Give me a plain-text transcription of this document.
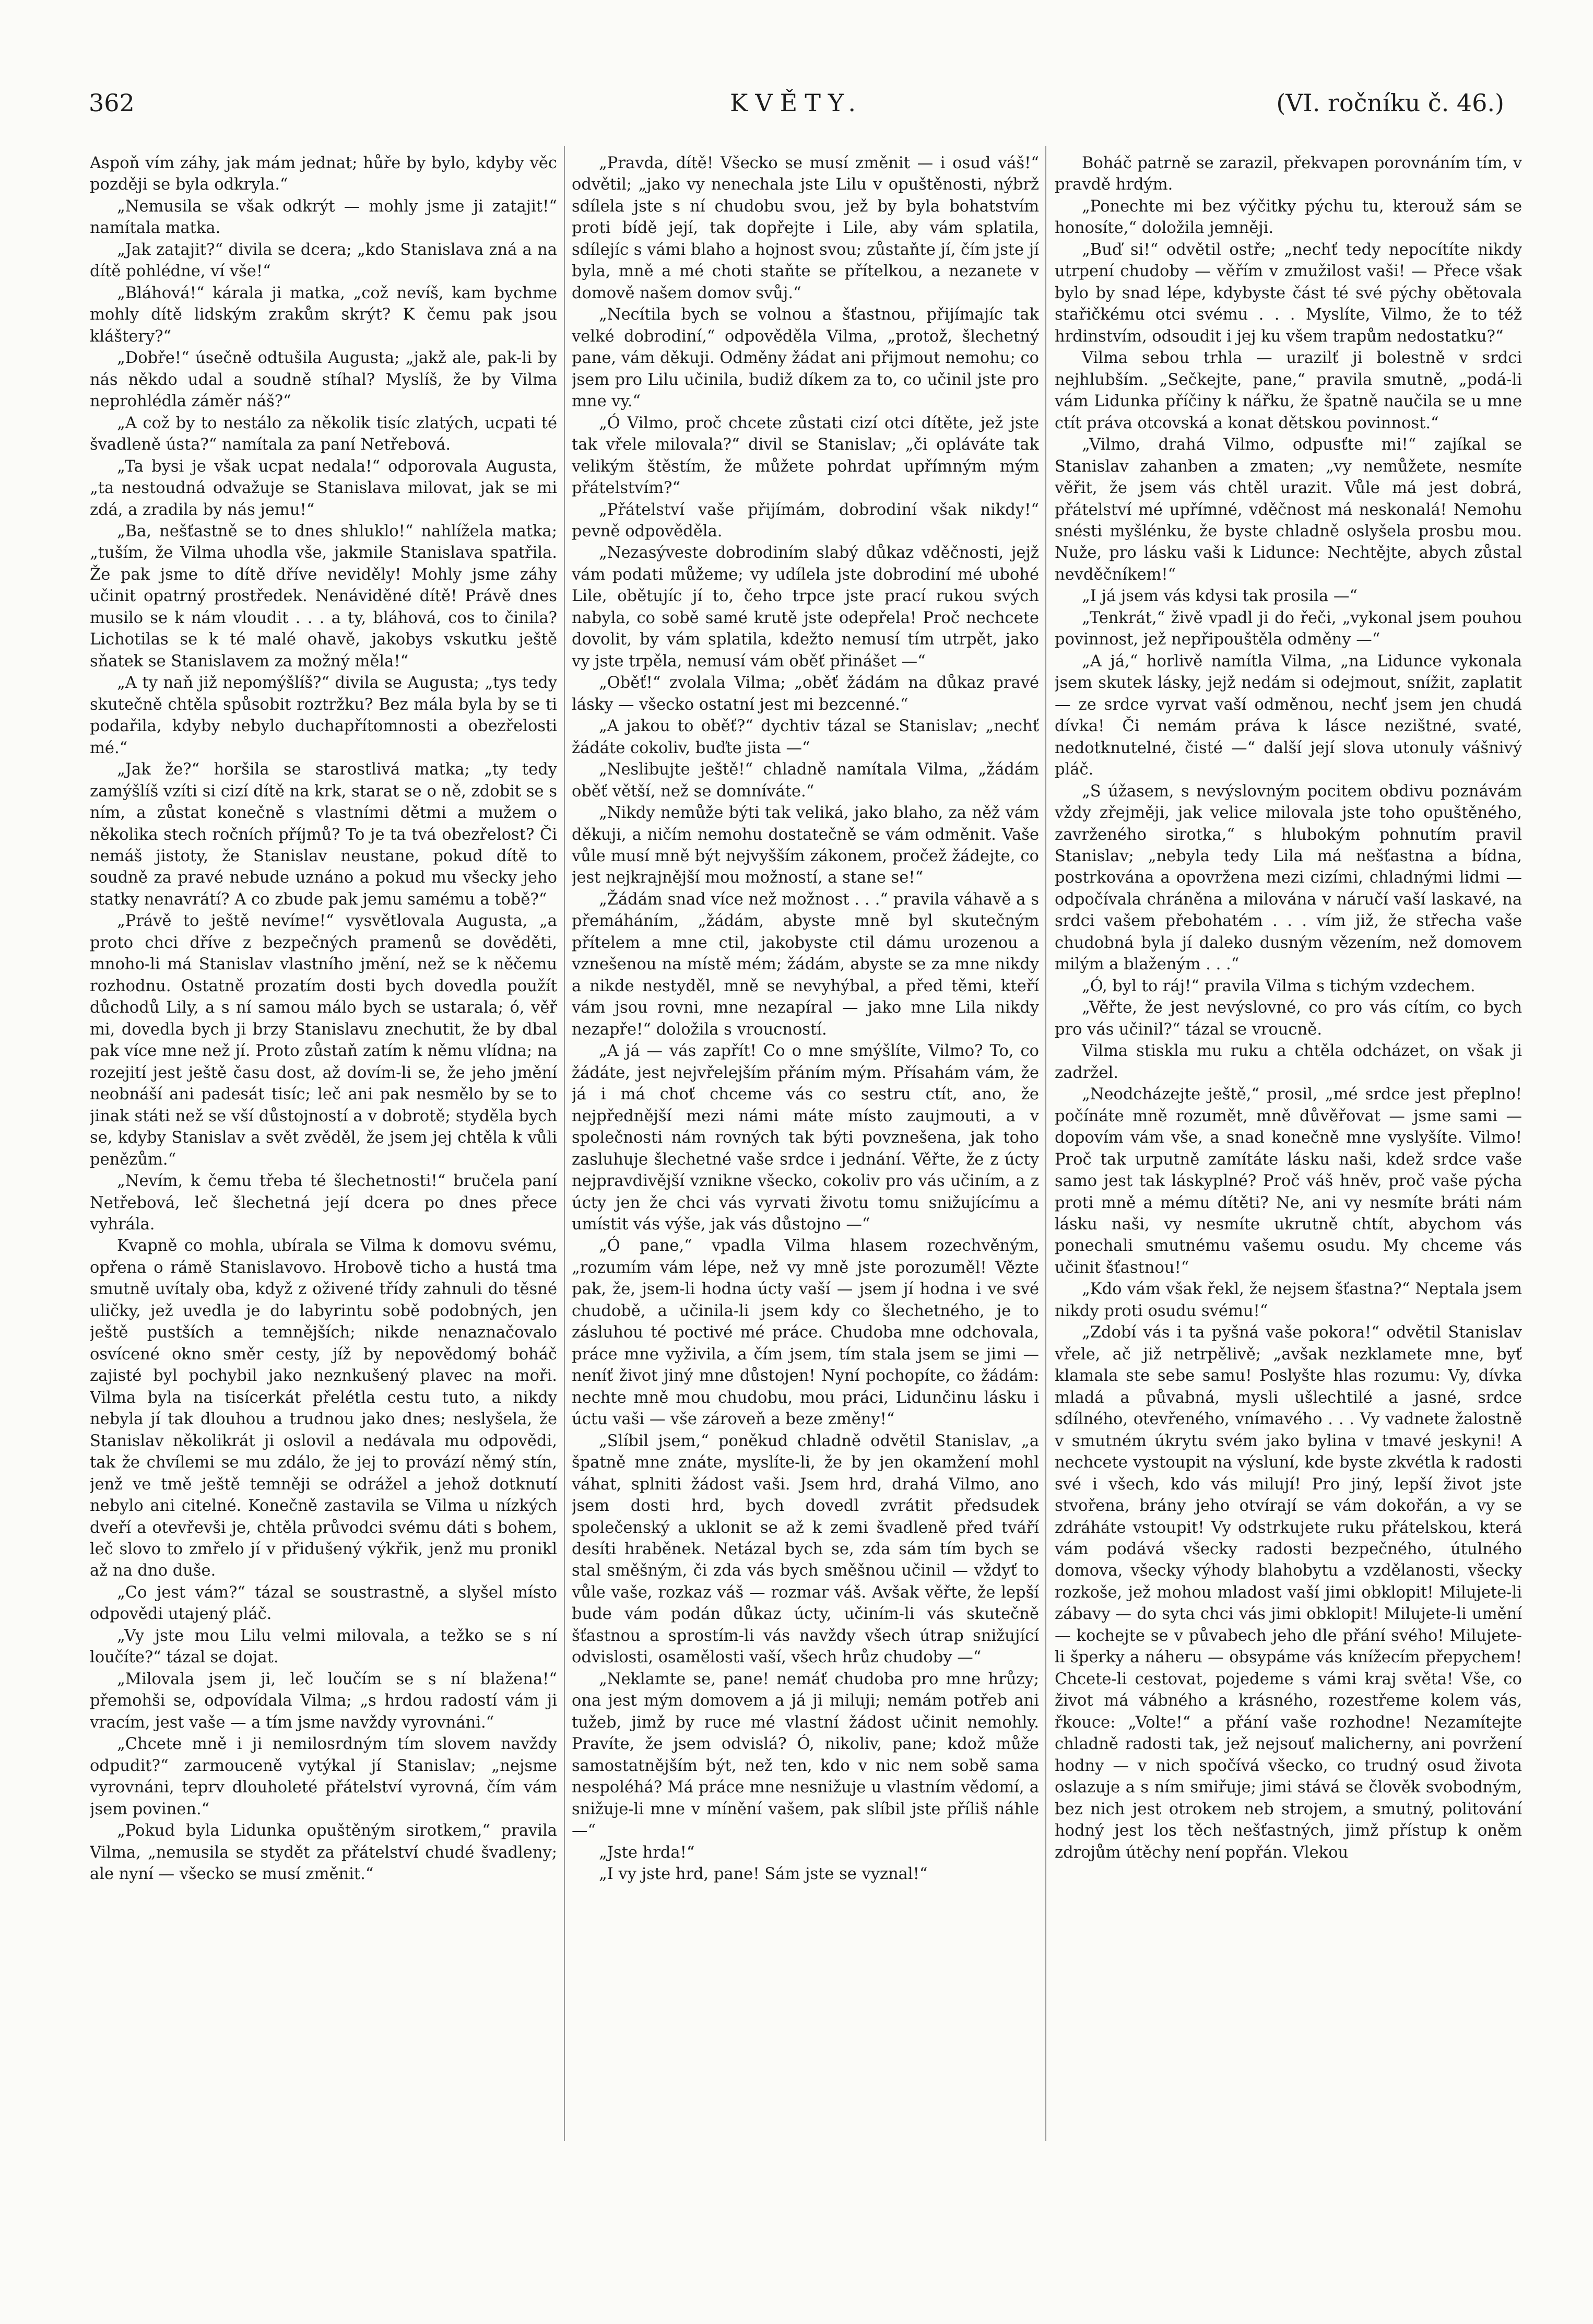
362	KVĚTY.	(VI. ročníku č. 46.)

Aspoň vím záhy, jak mám jednat; hůře by bylo, kdyby věc později se byla odkryla.“

„Nemusila se však odkrýt — mohly jsme ji zatajit!“ namítala matka.

„Jak zatajit?“ divila se dcera; „kdo Stanislava zná a na dítě pohlédne, ví vše!“

„Bláhová!“ kárala ji matka, „což nevíš, kam bychme mohly dítě lidským zrakům skrýt? K čemu pak jsou kláštery?“

„Dobře!“ úsečně odtušila Augusta; „jakž ale, pak-li by nás někdo udal a soudně stíhal? Myslíš, že by Vilma neprohlédla záměr náš?“

„A což by to nestálo za několik tisíc zlatých, ucpati té švadleně ústa?“ namítala za paní Netřebová.

„Ta bysi je však ucpat nedala!“ odporovala Augusta, „ta nestoudná odvažuje se Stanislava milovat, jak se mi zdá, a zradila by nás jemu!“

„Ba, nešťastně se to dnes shluklo!“ nahlížela matka; „tuším, že Vilma uhodla vše, jakmile Stanislava spatřila. Že pak jsme to dítě dříve neviděly! Mohly jsme záhy učinit opatrný prostředek. Nenáviděné dítě! Právě dnes musilo se k nám vloudit . . . a ty, bláhová, cos to činila? Lichotilas se k té malé ohavě, jakobys vskutku ještě sňatek se Stanislavem za možný měla!“

„A ty naň již nepomýšlíš?“ divila se Augusta; „tys tedy skutečně chtěla spůsobit roztržku? Bez mála byla by se ti podařila, kdyby nebylo duchapřítomnosti a obezřelosti mé.“

„Jak že?“ horšila se starostlivá matka; „ty tedy zamýšlíš vzíti si cizí dítě na krk, starat se o ně, zdobit se s ním, a zůstat konečně s vlastními dětmi a mužem o několika stech ročních příjmů? To je ta tvá obezřelost? Či nemáš jistoty, že Stanislav neustane, pokud dítě to soudně za pravé nebude uznáno a pokud mu všecky jeho statky nenavrátí? A co zbude pak jemu samému a tobě?“

„Právě to ještě nevíme!“ vysvětlovala Augusta, „a proto chci dříve z bezpečných pramenů se dověděti, mnoho-li má Stanislav vlastního jmění, než se k něčemu rozhodnu. Ostatně prozatím dosti bych dovedla použít důchodů Lily, a s ní samou málo bych se ustarala; ó, věř mi, dovedla bych ji brzy Stanislavu znechutit, že by dbal pak více mne než jí. Proto zůstaň zatím k němu vlídna; na rozejití jest ještě času dost, až dovím-li se, že jeho jmění neobnáší ani padesát tisíc; leč ani pak nesmělo by se to jinak státi než se vší důstojností a v dobrotě; styděla bych se, kdyby Stanislav a svět zvěděl, že jsem jej chtěla k vůli penězům.“

„Nevím, k čemu třeba té šlechetnosti!“ bručela paní Netřebová, leč šlechetná její dcera po dnes přece vyhrála.

Kvapně co mohla, ubírala se Vilma k domovu svému, opřena o rámě Stanislavovo. Hrobově ticho a hustá tma smutně uvítaly oba, když z oživené třídy zahnuli do těsné uličky, jež uvedla je do labyrintu sobě podobných, jen ještě pustších a temnějších; nikde nenaznačovalo osvícené okno směr cesty, jíž by nepovědomý boháč zajisté byl pochybil jako neznkušený plavec na moři. Vilma byla na tisícerkát přelétla cestu tuto, a nikdy nebyla jí tak dlouhou a trudnou jako dnes; neslyšela, že Stanislav několikrát ji oslovil a nedávala mu odpovědi, tak že chvílemi se mu zdálo, že jej to provází němý stín, jenž ve tmě ještě temněji se odrážel a jehož dotknutí nebylo ani citelné. Konečně zastavila se Vilma u nízkých dveří a otevřevši je, chtěla průvodci svému dáti s bohem, leč slovo to zmřelo jí v přidušený výkřik, jenž mu pronikl až na dno duše.

„Co jest vám?“ tázal se soustrastně, a slyšel místo odpovědi utajený pláč.

„Vy jste mou Lilu velmi milovala, a težko se s ní loučíte?“ tázal se dojat.

„Milovala jsem ji, leč loučím se s ní blažena!“ přemohši se, odpovídala Vilma; „s hrdou radostí vám ji vracím, jest vaše — a tím jsme navždy vyrovnáni.“

„Chcete mně i ji nemilosrdným tím slovem navždy odpudit?“ zarmouceně vytýkal jí Stanislav; „nejsme vyrovnáni, teprv dlouholeté přátelství vyrovná, čím vám jsem povinen.“

„Pokud byla Lidunka opuštěným sirotkem,“ pravila Vilma, „nemusila se stydět za přátelství chudé švadleny; ale nyní — všecko se musí změnit.“

„Pravda, dítě! Všecko se musí změnit — i osud váš!“ odvětil; „jako vy nenechala jste Lilu v opuštěnosti, nýbrž sdílela jste s ní chudobu svou, jež by byla bohatstvím proti bídě její, tak dopřejte i Lile, aby vám splatila, sdílejíc s vámi blaho a hojnost svou; zůstaňte jí, čím jste jí byla, mně a mé choti staňte se přítelkou, a nezanete v domově našem domov svůj.“

„Necítila bych se volnou a šťastnou, přijímajíc tak velké dobrodiní,“ odpověděla Vilma, „protož, šlechetný pane, vám děkuji. Odměny žádat ani přijmout nemohu; co jsem pro Lilu učinila, budiž díkem za to, co učinil jste pro mne vy.“

„Ó Vilmo, proč chcete zůstati cizí otci dítěte, jež jste tak vřele milovala?“ divil se Stanislav; „či opláváte tak velikým štěstím, že můžete pohrdat upřímným mým přátelstvím?“

„Přátelství vaše přijímám, dobrodiní však nikdy!“ pevně odpověděla.

„Nezasýveste dobrodiním slabý důkaz vděčnosti, jejž vám podati můžeme; vy udílela jste dobrodiní mé ubohé Lile, obětujíc jí to, čeho trpce jste prací rukou svých nabyla, co sobě samé krutě jste odepřela! Proč nechcete dovolit, by vám splatila, kdežto nemusí tím utrpět, jako vy jste trpěla, nemusí vám oběť přinášet —“

„Oběť!“ zvolala Vilma; „oběť žádám na důkaz pravé lásky — všecko ostatní jest mi bezcenné.“

„A jakou to oběť?“ dychtiv tázal se Stanislav; „nechť žádáte cokoliv, buďte jista —“

„Neslibujte ještě!“ chladně namítala Vilma, „žádám oběť větší, než se domníváte.“

„Nikdy nemůže býti tak veliká, jako blaho, za něž vám děkuji, a ničím nemohu dostatečně se vám odměnit. Vaše vůle musí mně být nejvyšším zákonem, pročež žádejte, co jest nejkrajnější mou možností, a stane se!“

„Žádám snad více než možnost . . .“ pravila váhavě a s přemáháním, „žádám, abyste mně byl skutečným přítelem a mne ctil, jakobyste ctil dámu urozenou a vznešenou na místě mém; žádám, abyste se za mne nikdy a nikde nestyděl, mně se nevyhýbal, a před těmi, kteří vám jsou rovni, mne nezapíral — jako mne Lila nikdy nezapře!“ doložila s vroucností.

„A já — vás zapřít! Co o mne smýšlíte, Vilmo? To, co žádáte, jest nejvřelejším přáním mým. Přísahám vám, že já i má choť chceme vás co sestru ctít, ano, že nejpřednější mezi námi máte místo zaujmouti, a v společnosti nám rovných tak býti povznešena, jak toho zasluhuje šlechetné vaše srdce i jednání. Věřte, že z úcty nejpravdivější vznikne všecko, cokoliv pro vás učiním, a z úcty jen že chci vás vyrvati životu tomu snižujícímu a umístit vás výše, jak vás důstojno —“

„Ó pane,“ vpadla Vilma hlasem rozechvěným, „rozumím vám lépe, než vy mně jste porozuměl! Vězte pak, že, jsem-li hodna úcty vaší — jsem jí hodna i ve své chudobě, a učinila-li jsem kdy co šlechetného, je to zásluhou té poctivé mé práce. Chudoba mne odchovala, práce mne vyživila, a čím jsem, tím stala jsem se jimi — neníť život jiný mne důstojen! Nyní pochopíte, co žádám: nechte mně mou chudobu, mou práci, Lidunčinu lásku i úctu vaši — vše zároveň a beze změny!“

„Slíbil jsem,“ poněkud chladně odvětil Stanislav, „a špatně mne znáte, myslíte-li, že by jen okamžení mohl váhat, splniti žádost vaši. Jsem hrd, drahá Vilmo, ano jsem dosti hrd, bych dovedl zvrátit předsudek společenský a uklonit se až k zemi švadleně před tváří desíti hraběnek. Netázal bych se, zda sám tím bych se stal směšným, či zda vás bych směšnou učinil — vždyť to vůle vaše, rozkaz váš — rozmar váš. Avšak věřte, že lepší bude vám podán důkaz úcty, učiním-li vás skutečně šťastnou a sprostím-li vás navždy všech útrap snižující odvislosti, osamělosti vaší, všech hrůz chudoby —“

„Neklamte se, pane! nemáť chudoba pro mne hrůzy; ona jest mým domovem a já ji miluji; nemám potřeb ani tužeb, jimž by ruce mé vlastní žádost učinit nemohly. Pravíte, že jsem odvislá? Ó, nikoliv, pane; kdož může samostatnějším být, než ten, kdo v nic nem sobě sama nespoléhá? Má práce mne nesnižuje u vlastním vědomí, a snižuje-li mne v mínění vašem, pak slíbil jste příliš náhle —“

„Jste hrda!“

„I vy jste hrd, pane! Sám jste se vyznal!“

Boháč patrně se zarazil, překvapen porovnáním tím, v pravdě hrdým.

„Ponechte mi bez výčitky pýchu tu, kterouž sám se honosíte,“ doložila jemněji.

„Buď si!“ odvětil ostře; „nechť tedy nepocítíte nikdy utrpení chudoby — věřím v zmužilost vaši! — Přece však bylo by snad lépe, kdybyste část té své pýchy obětovala stařičkému otci svému . . . Myslíte, Vilmo, že to též hrdinstvím, odsoudit i jej ku všem trapům nedostatku?“

Vilma sebou trhla — urazilť ji bolestně v srdci nejhlubším. „Sečkejte, pane,“ pravila smutně, „podá-li vám Lidunka příčiny k nářku, že špatně naučila se u mne ctít práva otcovská a konat dětskou povinnost.“

„Vilmo, drahá Vilmo, odpusťte mi!“ zajíkal se Stanislav zahanben a zmaten; „vy nemůžete, nesmíte věřit, že jsem vás chtěl urazit. Vůle má jest dobrá, přátelství mé upřímné, vděčnost má neskonalá! Nemohu snésti myšlénku, že byste chladně oslyšela prosbu mou. Nuže, pro lásku vaši k Lidunce: Nechtějte, abych zůstal nevděčníkem!“

„I já jsem vás kdysi tak prosila —“

„Tenkrát,“ živě vpadl ji do řeči, „vykonal jsem pouhou povinnost, jež nepřipouštěla odměny —“

„A já,“ horlivě namítla Vilma, „na Lidunce vykonala jsem skutek lásky, jejž nedám si odejmout, snížit, zaplatit — ze srdce vyrvat vaší odměnou, nechť jsem jen chudá dívka! Či nemám práva k lásce nezištné, svaté, nedotknutelné, čisté —“ další její slova utonuly vášnivý pláč.

„S úžasem, s nevýslovným pocitem obdivu poznávám vždy zřejměji, jak velice milovala jste toho opuštěného, zavrženého sirotka,“ s hlubokým pohnutím pravil Stanislav; „nebyla tedy Lila má nešťastna a bídna, postrkována a opovržena mezi cizími, chladnými lidmi — odpočívala chráněna a milována v náručí vaší laskavé, na srdci vašem přebohatém . . . vím již, že střecha vaše chudobná byla jí daleko dusným vězením, než domovem milým a blaženým . . .“

„Ó, byl to ráj!“ pravila Vilma s tichým vzdechem.

„Věřte, že jest nevýslovné, co pro vás cítím, co bych pro vás učinil?“ tázal se vroucně.

Vilma stiskla mu ruku a chtěla odcházet, on však ji zadržel.

„Neodcházejte ještě,“ prosil, „mé srdce jest přeplno! počínáte mně rozumět, mně důvěřovat — jsme sami — dopovím vám vše, a snad konečně mne vyslyšíte. Vilmo! Proč tak urputně zamítáte lásku naši, kdež srdce vaše samo jest tak láskyplné? Proč váš hněv, proč vaše pýcha proti mně a mému dítěti? Ne, ani vy nesmíte bráti nám lásku naši, vy nesmíte ukrutně chtít, abychom vás ponechali smutnému vašemu osudu. My chceme vás učinit šťastnou!“

„Kdo vám však řekl, že nejsem šťastna?“ Neptala jsem nikdy proti osudu svému!“

„Zdobí vás i ta pyšná vaše pokora!“ odvětil Stanislav vřele, ač již netrpělivě; „avšak nezklamete mne, byť klamala ste sebe samu! Poslyšte hlas rozumu: Vy, dívka mladá a půvabná, mysli ušlechtilé a jasné, srdce sdílného, otevřeného, vnímavého . . . Vy vadnete žalostně v smutném úkrytu svém jako bylina v tmavé jeskyni! A nechcete vystoupit na výsluní, kde byste zkvétla k radosti své i všech, kdo vás milují! Pro jiný, lepší život jste stvořena, brány jeho otvírají se vám dokořán, a vy se zdráháte vstoupit! Vy odstrkujete ruku přátelskou, která vám podává všecky radosti bezpečného, útulného domova, všecky výhody blahobytu a vzdělanosti, všecky rozkoše, jež mohou mladost vaší jimi obklopit! Milujete-li zábavy — do syta chci vás jimi obklopit! Milujete-li umění — kochejte se v půvabech jeho dle přání svého! Milujete-li šperky a náheru — obsypáme vás knížecím přepychem! Chcete-li cestovat, pojedeme s vámi kraj světa! Vše, co život má vábného a krásného, rozestřeme kolem vás, řkouce: „Volte!“ a přání vaše rozhodne! Nezamítejte chladně radosti tak, jež nejsouť malicherny, ani povržení hodny — v nich spočívá všecko, co trudný osud života oslazuje a s ním smiřuje; jimi stává se člověk svobodným, bez nich jest otrokem neb strojem, a smutný, politování hodný jest los těch nešťastných, jimž přístup k oněm zdrojům útěchy není popřán. Vlekou
